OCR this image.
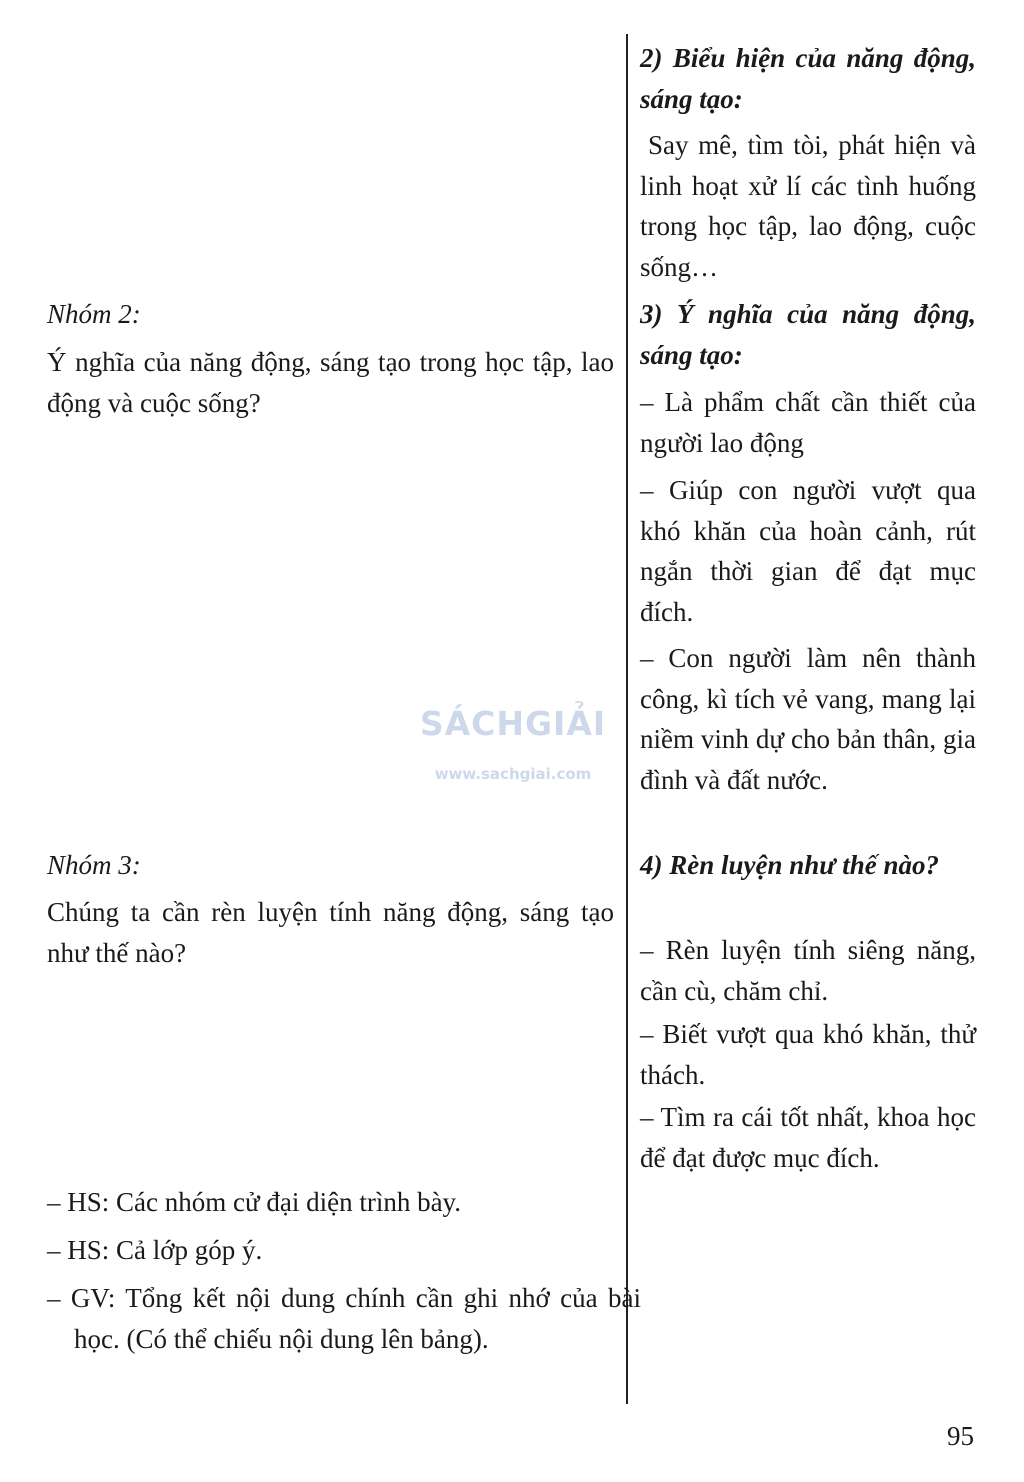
2) Biểu hiện của năng động, sáng tạo:

Say mê, tìm tòi, phát hiện và linh hoạt xử lí các tình huống trong học tập, lao động, cuộc sống…

3) Ý nghĩa của năng động, sáng tạo:

– Là phẩm chất cần thiết của người lao động

– Giúp con người vượt qua khó khăn của hoàn cảnh, rút ngắn thời gian để đạt mục đích.

– Con người làm nên thành công, kì tích vẻ vang, mang lại niềm vinh dự cho bản thân, gia đình và đất nước.

4) Rèn luyện như thế nào?

– Rèn luyện tính siêng năng, cần cù, chăm chỉ.

– Biết vượt qua khó khăn, thử thách.

– Tìm ra cái tốt nhất, khoa học để đạt được mục đích.

Nhóm 2:

Ý nghĩa của năng động, sáng tạo trong học tập, lao động và cuộc sống?

Nhóm 3:

Chúng ta cần rèn luyện tính năng động, sáng tạo như thế nào?

– HS: Các nhóm cử đại diện trình bày.

– HS: Cả lớp góp ý.

– GV: Tổng kết nội dung chính cần ghi nhớ của bài học. (Có thể chiếu nội dung lên bảng).

SÁCHGIẢI
www.sachgiai.com
95
